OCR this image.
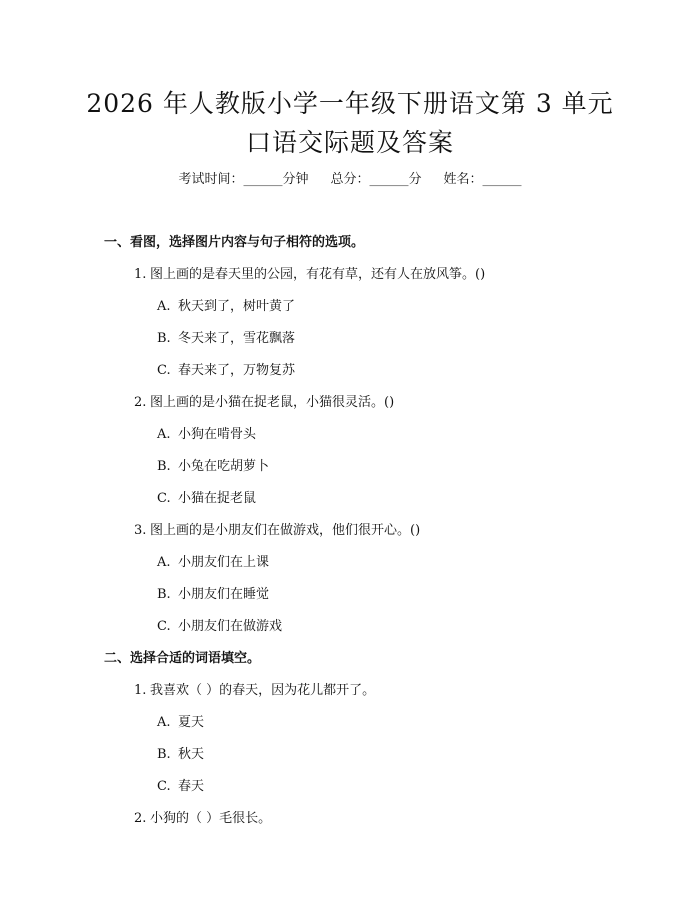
2026 年人教版小学一年级下册语文第 3 单元
口语交际题及答案
考试时间：______分钟 总分：______分 姓名：______
一、看图，选择图片内容与句子相符的选项。
1. 图上画的是春天里的公园，有花有草，还有人在放风筝。()
A. 秋天到了，树叶黄了
B. 冬天来了，雪花飘落
C. 春天来了，万物复苏
2. 图上画的是小猫在捉老鼠，小猫很灵活。()
A. 小狗在啃骨头
B. 小兔在吃胡萝卜
C. 小猫在捉老鼠
3. 图上画的是小朋友们在做游戏，他们很开心。()
A. 小朋友们在上课
B. 小朋友们在睡觉
C. 小朋友们在做游戏
二、选择合适的词语填空。
1. 我喜欢（ ）的春天，因为花儿都开了。
A. 夏天
B. 秋天
C. 春天
2. 小狗的（ ）毛很长。
